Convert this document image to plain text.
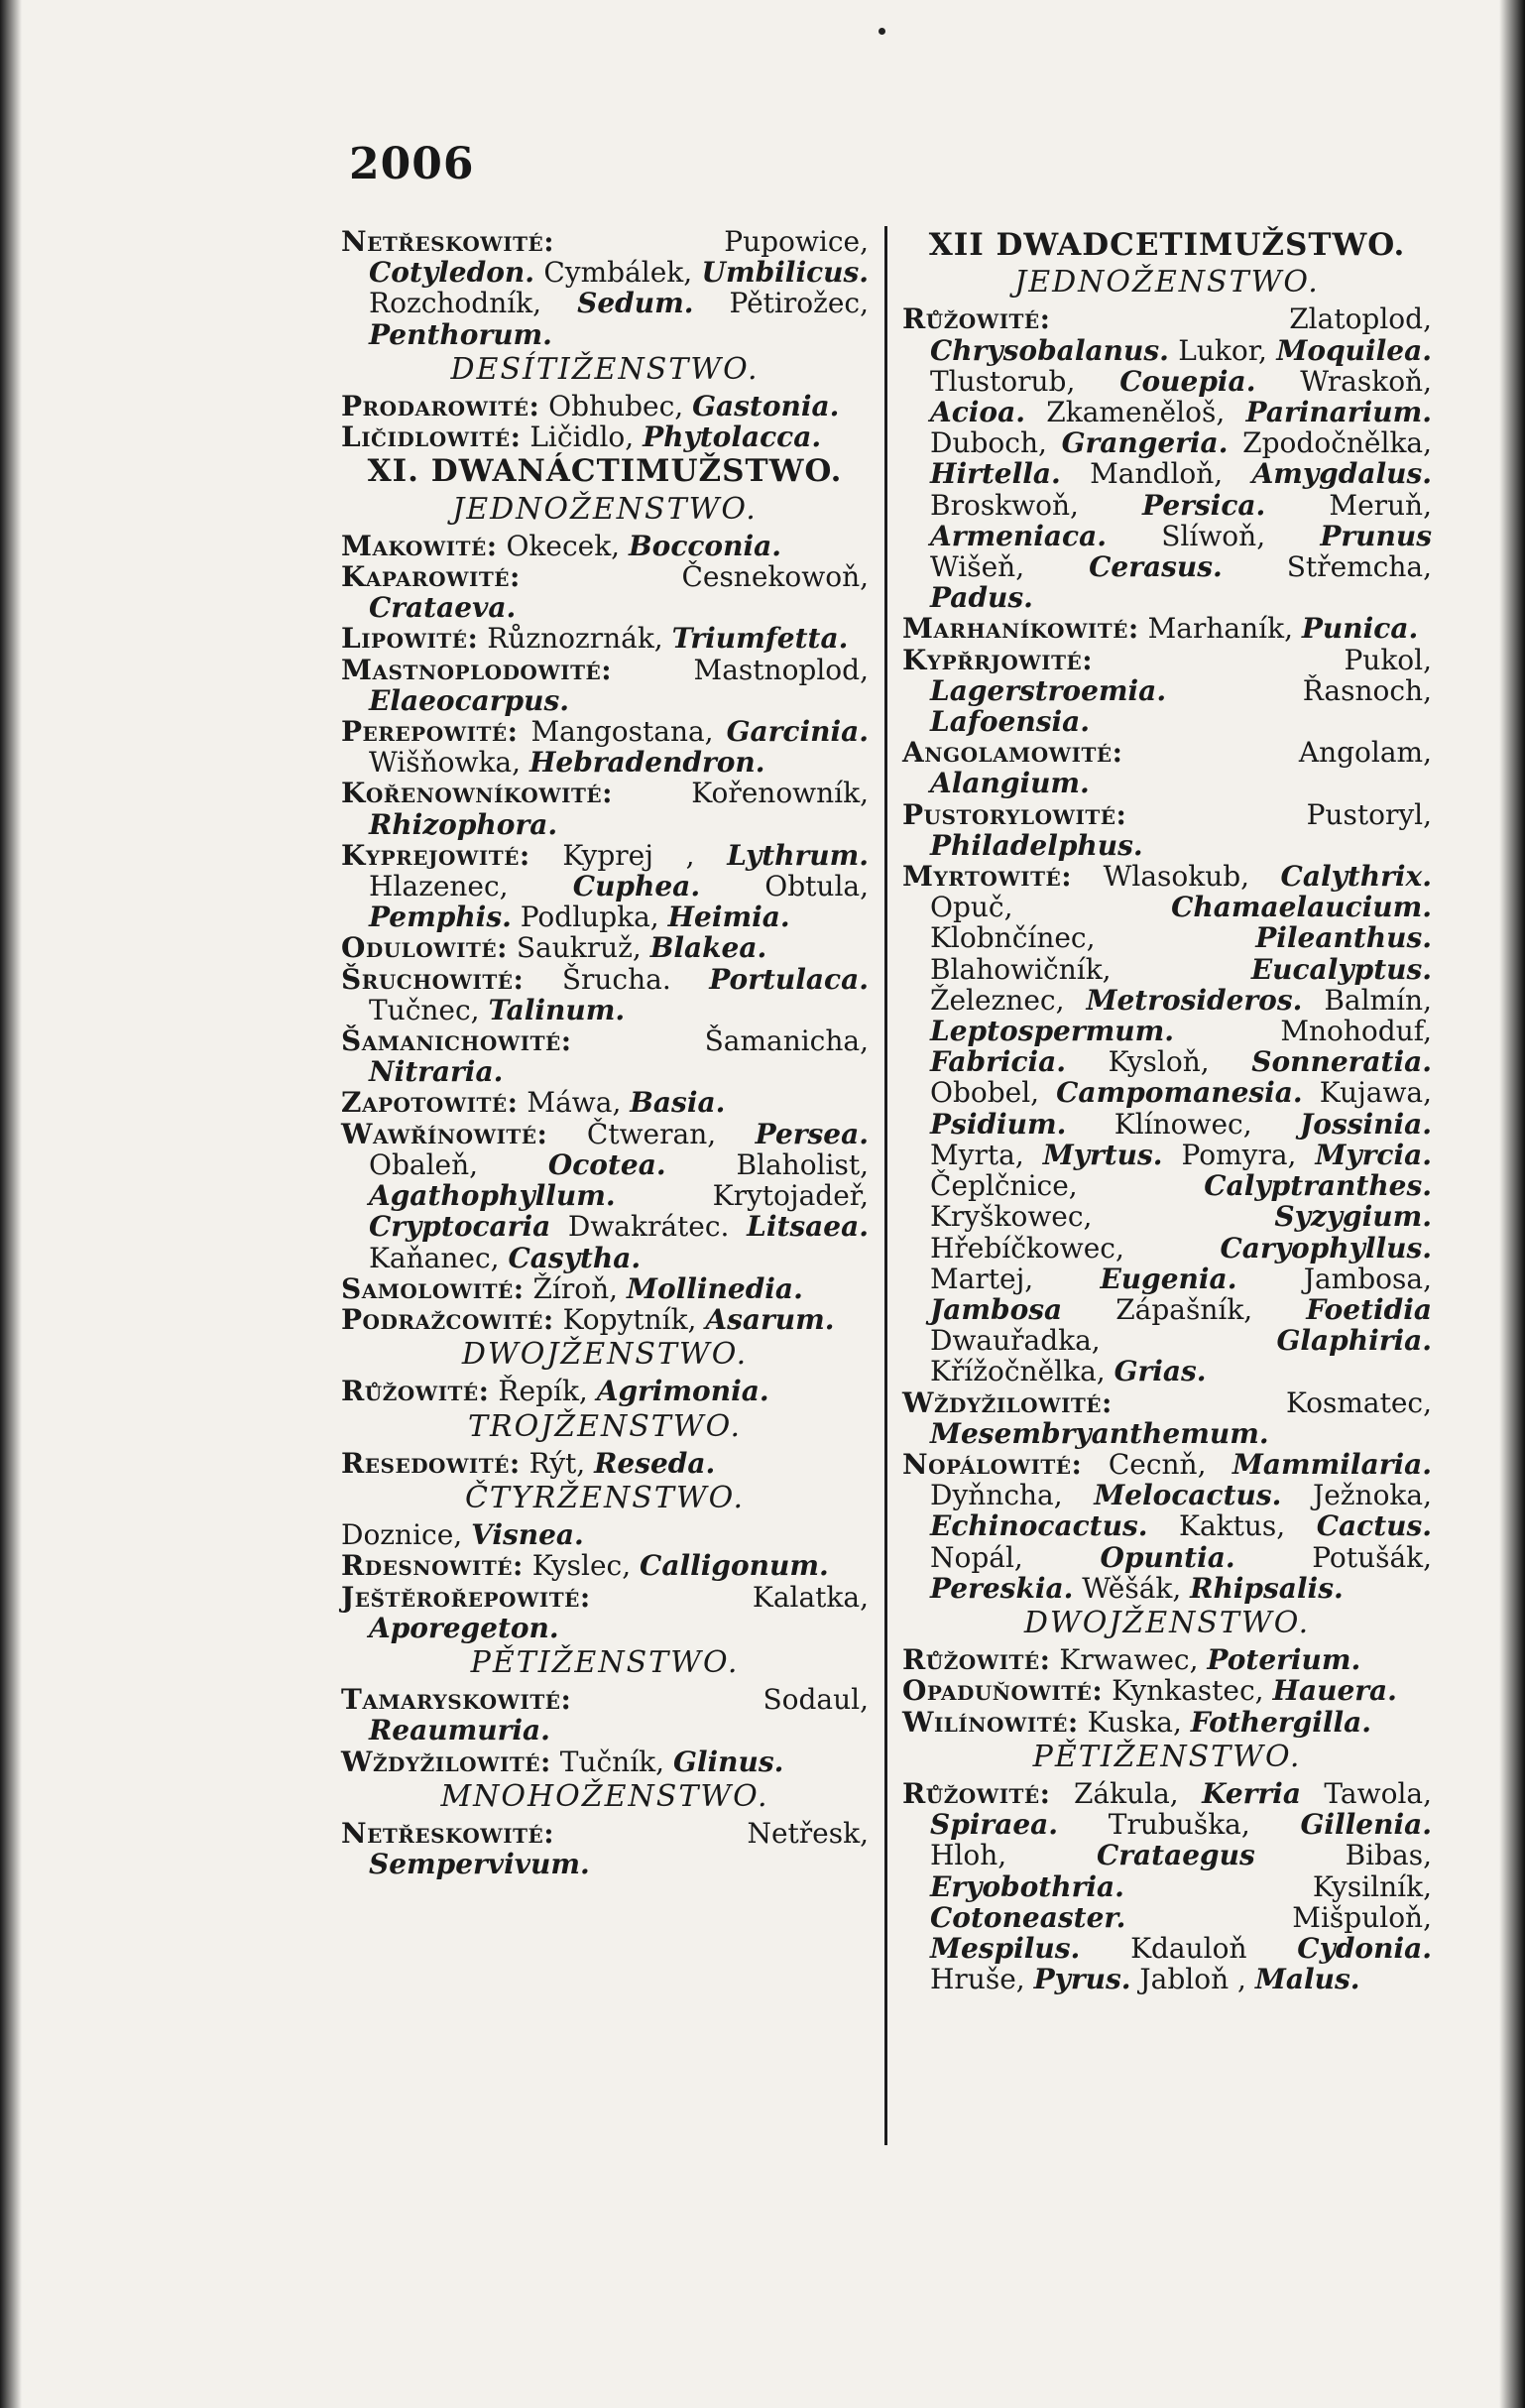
2006

Netřeskowité: Pupowice, Cotyledon. Cymbálek, Umbilicus. Rozchodník, Sedum. Pětirožec, Penthorum.

DESÍTIŽENSTWO.

Prodarowité: Obhubec, Gastonia.

Ličidlowité: Ličidlo, Phytolacca.

XI. DWANÁCTIMUŽSTWO.
JEDNOŽENSTWO.

Makowité: Okecek, Bocconia.

Kaparowité: Česnekowoň, Crataeva.

Lipowité: Různozrnák, Triumfetta.

Mastnoplodowité: Mastnoplod, Elaeocarpus.

Perepowité: Mangostana, Garcinia. Wišňowka, Hebradendron.

Kořenowníkowité: Kořenowník, Rhizophora.

Kyprejowité: Kyprej , Lythrum. Hlazenec, Cuphea. Obtula, Pemphis. Podlupka, Heimia.

Odulowité: Saukruž, Blakea.

Šruchowité: Šrucha. Portulaca. Tučnec, Talinum.

Šamanichowité: Šamanicha, Nitraria.

Zapotowité: Máwa, Basia.

Wawřínowité: Čtweran, Persea. Obaleň, Ocotea. Blaholist, Agathophyllum. Krytojadeř, Cryptocaria Dwakrátec. Litsaea. Kaňanec, Casytha.

Samolowité: Žíroň, Mollinedia.

Podražcowité: Kopytník, Asarum.

DWOJŽENSTWO.

Růžowité: Řepík, Agrimonia.

TROJŽENSTWO.

Resedowité: Rýt, Reseda.

ČTYRŽENSTWO.

Doznice, Visnea.

Rdesnowité: Kyslec, Calligonum.

Ještěrořepowité: Kalatka, Aporegeton.

PĚTIŽENSTWO.

Tamaryskowité: Sodaul, Reaumuria.

Wždyžilowité: Tučník, Glinus.

MNOHOŽENSTWO.

Netřeskowité: Netřesk, Sempervivum.

XII DWADCETIMUŽSTWO.
JEDNOŽENSTWO.

Růžowité: Zlatoplod, Chrysobalanus. Lukor, Moquilea. Tlustorub, Couepia. Wraskoň, Acioa. Zkameněloš, Parinarium. Duboch, Grangeria. Zpodočnělka, Hirtella. Mandloň, Amygdalus. Broskwoň, Persica. Meruň, Armeniaca. Slíwoň, Prunus Wišeň, Cerasus. Střemcha, Padus.

Marhaníkowité: Marhaník, Punica.

Kypřrjowité: Pukol, Lagerstroemia. Řasnoch, Lafoensia.

Angolamowité: Angolam, Alangium.

Pustorylowité: Pustoryl, Philadelphus.

Myrtowité: Wlasokub, Calythrix. Opuč, Chamaelaucium. Klobnčínec, Pileanthus. Blahowičník, Eucalyptus. Železnec, Metrosideros. Balmín, Leptospermum. Mnohoduf, Fabricia. Kysloň, Sonneratia. Obobel, Campomanesia. Kujawa, Psidium. Klínowec, Jossinia. Myrta, Myrtus. Pomyra, Myrcia. Čeplčnice, Calyptranthes. Kryškowec, Syzygium. Hřebíčkowec, Caryophyllus. Martej, Eugenia. Jambosa, Jambosa Zápašník, Foetidia Dwauřadka, Glaphiria. Křížočnělka, Grias.

Wždyžilowité: Kosmatec, Mesembryanthemum.

Nopálowité: Cecnň, Mammilaria. Dyňncha, Melocactus. Ježnoka, Echinocactus. Kaktus, Cactus. Nopál, Opuntia. Potušák, Pereskia. Wěšák, Rhipsalis.

DWOJŽENSTWO.

Růžowité: Krwawec, Poterium.

Opaduňowité: Kynkastec, Hauera.

Wilínowité: Kuska, Fothergilla.

PĚTIŽENSTWO.

Růžowité: Zákula, Kerria Tawola, Spiraea. Trubuška, Gillenia. Hloh, Crataegus Bibas, Eryobothria. Kysilník, Cotoneaster. Mišpuloň, Mespilus. Kdauloň Cydonia. Hruše, Pyrus. Jabloň , Malus.
